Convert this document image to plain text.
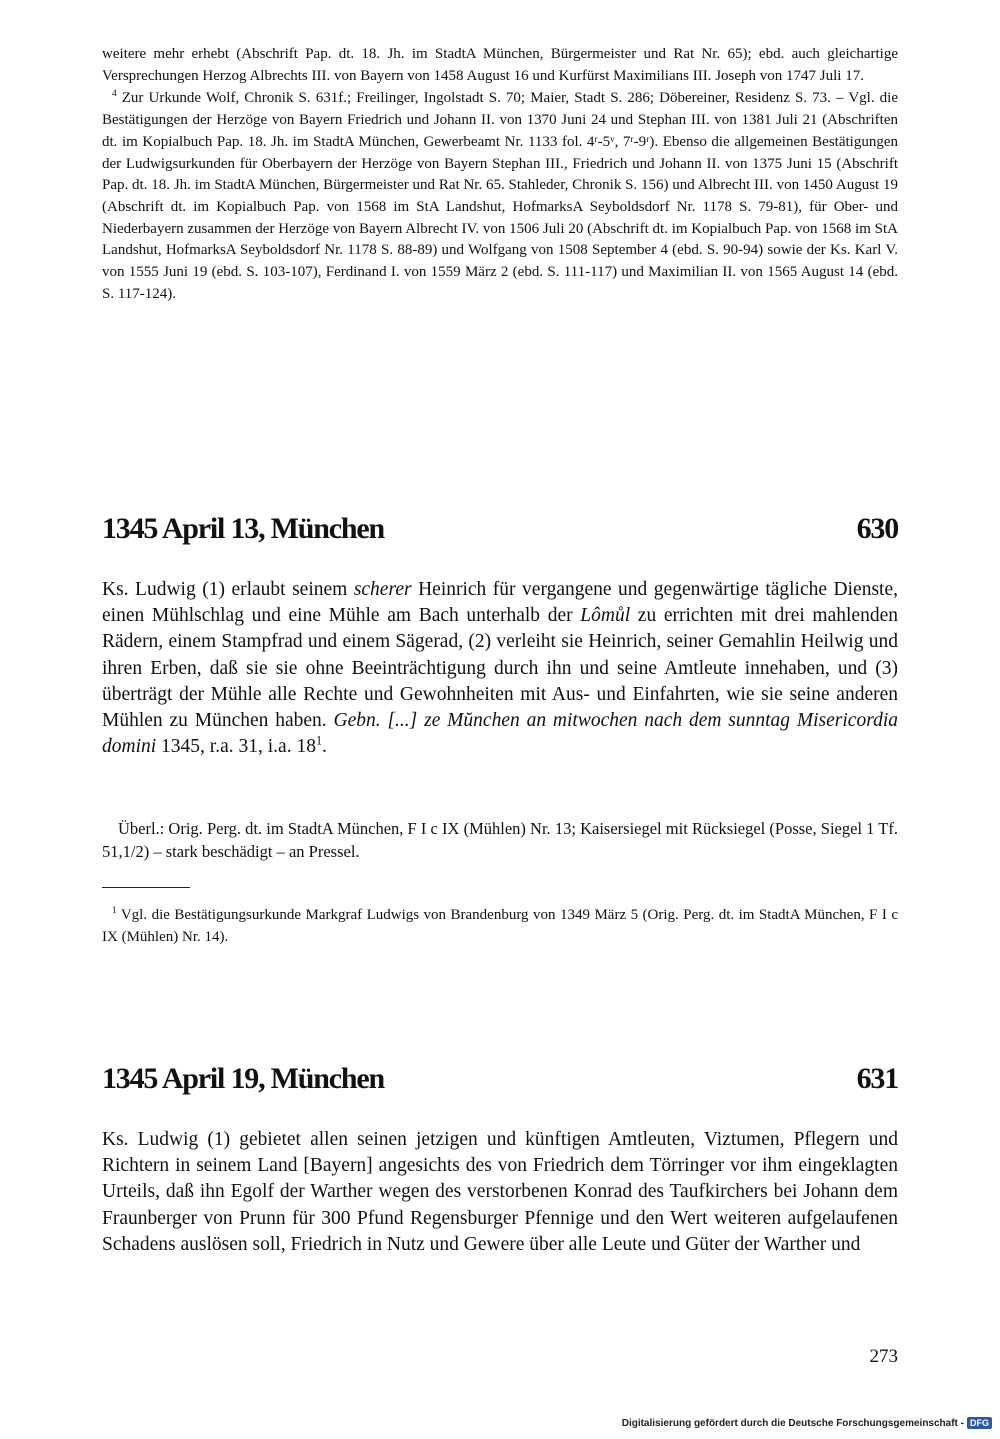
weitere mehr erhebt (Abschrift Pap. dt. 18. Jh. im StadtA München, Bürgermeister und Rat Nr. 65); ebd. auch gleichartige Versprechungen Herzog Albrechts III. von Bayern von 1458 August 16 und Kurfürst Maximilians III. Joseph von 1747 Juli 17.

$^4$ Zur Urkunde Wolf, Chronik S. 631f.; Freilinger, Ingolstadt S. 70; Maier, Stadt S. 286; Döbereiner, Residenz S. 73. – Vgl. die Bestätigungen der Herzöge von Bayern Friedrich und Johann II. von 1370 Juni 24 und Stephan III. von 1381 Juli 21 (Abschriften dt. im Kopialbuch Pap. 18. Jh. im StadtA München, Gewerbeamt Nr. 1133 fol. 4ʳ-5ᵛ, 7ʳ-9ʳ). Ebenso die allgemeinen Bestätigungen der Ludwigsurkunden für Oberbayern der Herzöge von Bayern Stephan III., Friedrich und Johann II. von 1375 Juni 15 (Abschrift Pap. dt. 18. Jh. im StadtA München, Bürgermeister und Rat Nr. 65. Stahleder, Chronik S. 156) und Albrecht III. von 1450 August 19 (Abschrift dt. im Kopialbuch Pap. von 1568 im StA Landshut, HofmarksA Seyboldsdorf Nr. 1178 S. 79-81), für Ober- und Niederbayern zusammen der Herzöge von Bayern Albrecht IV. von 1506 Juli 20 (Abschrift dt. im Kopialbuch Pap. von 1568 im StA Landshut, HofmarksA Seyboldsdorf Nr. 1178 S. 88-89) und Wolfgang von 1508 September 4 (ebd. S. 90-94) sowie der Ks. Karl V. von 1555 Juni 19 (ebd. S. 103-107), Ferdinand I. von 1559 März 2 (ebd. S. 111-117) und Maximilian II. von 1565 August 14 (ebd. S. 117-124).

1345 April 13, München	630

Ks. Ludwig (1) erlaubt seinem scherer Heinrich für vergangene und gegenwärtige tägliche Dienste, einen Mühlschlag und eine Mühle am Bach unterhalb der Lômůl zu errichten mit drei mahlenden Rädern, einem Stampfrad und einem Sägerad, (2) verleiht sie Heinrich, seiner Gemahlin Heilwig und ihren Erben, daß sie sie ohne Beeinträchtigung durch ihn und seine Amtleute innehaben, und (3) überträgt der Mühle alle Rechte und Gewohnheiten mit Aus- und Einfahrten, wie sie seine anderen Mühlen zu München haben. Gebn. [...] ze Mŭnchen an mitwochen nach dem sunntag Misericordia domini 1345, r.a. 31, i.a. $18^1$.

Überl.: Orig. Perg. dt. im StadtA München, F I c IX (Mühlen) Nr. 13; Kaisersiegel mit Rücksiegel (Posse, Siegel 1 Tf. 51,1/2) – stark beschädigt – an Pressel.

$^1$ Vgl. die Bestätigungsurkunde Markgraf Ludwigs von Brandenburg von 1349 März 5 (Orig. Perg. dt. im StadtA München, F I c IX (Mühlen) Nr. 14).

1345 April 19, München	631

Ks. Ludwig (1) gebietet allen seinen jetzigen und künftigen Amtleuten, Viztumen, Pflegern und Richtern in seinem Land [Bayern] angesichts des von Friedrich dem Törringer vor ihm eingeklagten Urteils, daß ihn Egolf der Warther wegen des verstorbenen Konrad des Taufkirchers bei Johann dem Fraunberger von Prunn für 300 Pfund Regensburger Pfennige und den Wert weiteren aufgelaufenen Schadens auslösen soll, Friedrich in Nutz und Gewere über alle Leute und Güter der Warther und

273
Digitalisierung gefördert durch die Deutsche Forschungsgemeinschaft - DFG
